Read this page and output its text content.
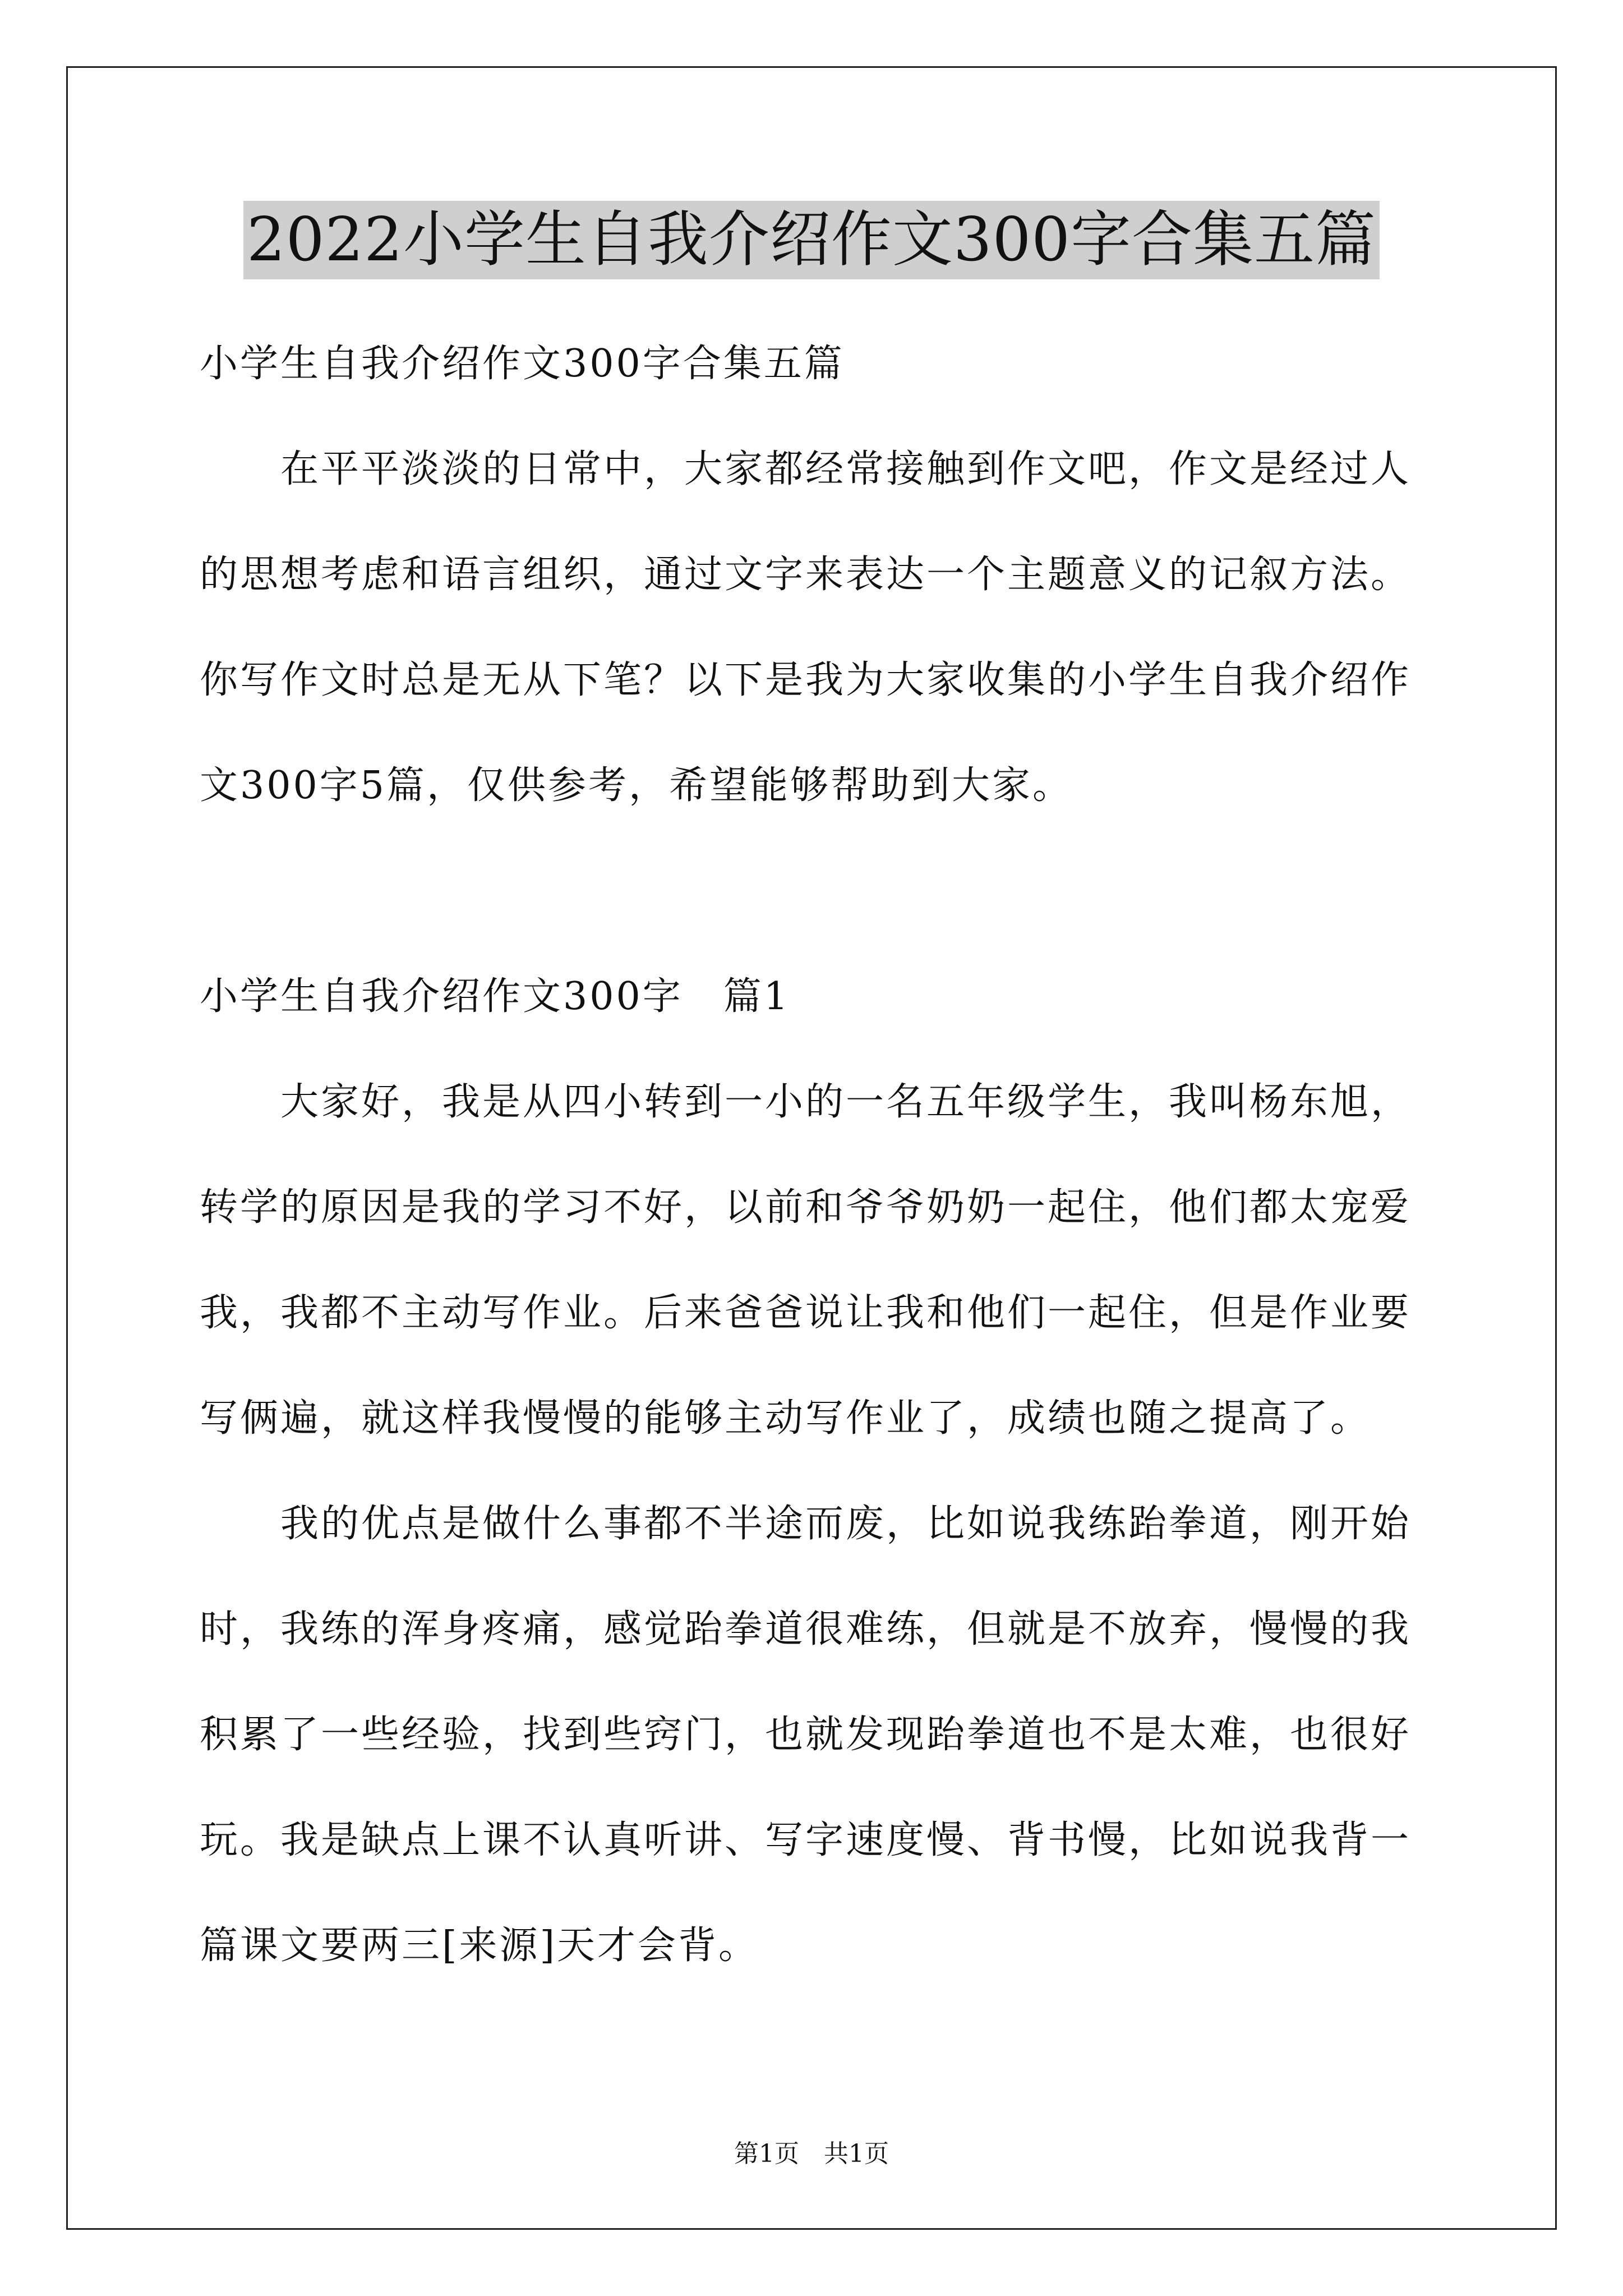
2022小学生自我介绍作文300字合集五篇
小学生自我介绍作文300字合集五篇
　　在平平淡淡的日常中，大家都经常接触到作文吧，作文是经过人
的思想考虑和语言组织，通过文字来表达一个主题意义的记叙方法。
你写作文时总是无从下笔？以下是我为大家收集的小学生自我介绍作
文300字5篇，仅供参考，希望能够帮助到大家。
小学生自我介绍作文300字　篇1
　　大家好，我是从四小转到一小的一名五年级学生，我叫杨东旭，
转学的原因是我的学习不好，以前和爷爷奶奶一起住，他们都太宠爱
我，我都不主动写作业。后来爸爸说让我和他们一起住，但是作业要
写俩遍，就这样我慢慢的能够主动写作业了，成绩也随之提高了。
　　我的优点是做什么事都不半途而废，比如说我练跆拳道，刚开始
时，我练的浑身疼痛，感觉跆拳道很难练，但就是不放弃，慢慢的我
积累了一些经验，找到些窍门，也就发现跆拳道也不是太难，也很好
玩。我是缺点上课不认真听讲、写字速度慢、背书慢，比如说我背一
篇课文要两三[来源]天才会背。
第1页　共1页
